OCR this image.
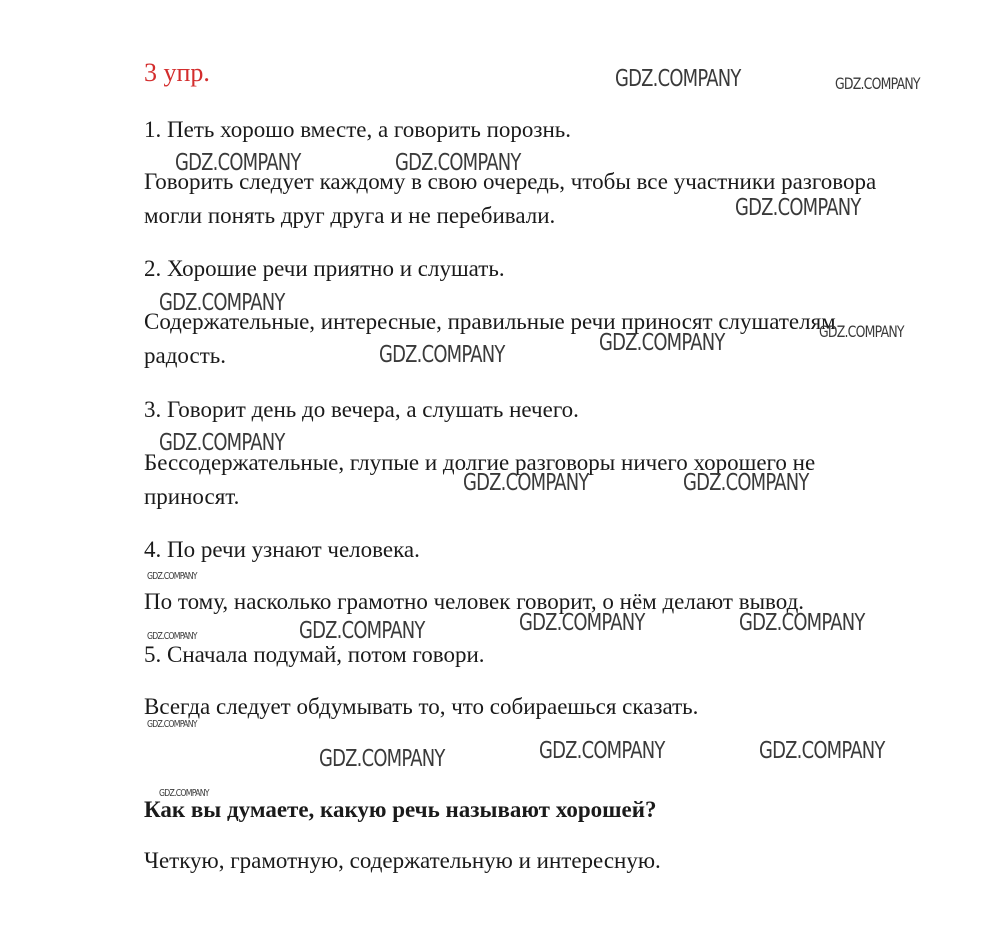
3 упр.

1. Петь хорошо вместе, а говорить порознь.

Говорить следует каждому в свою очередь, чтобы все участники разговора могли понять друг друга и не перебивали.

2. Хорошие речи приятно и слушать.

Содержательные, интересные, правильные речи приносят слушателям радость.

3. Говорит день до вечера, а слушать нечего.

Бессодержательные, глупые и долгие разговоры ничего хорошего не приносят.

4. По речи узнают человека.

По тому, насколько грамотно человек говорит, о нём делают вывод.

5. Сначала подумай, потом говори.

Всегда следует обдумывать то, что собираешься сказать.

Как вы думаете, какую речь называют хорошей?

Четкую, грамотную, содержательную и интересную.

GDZ.COMPANY	GDZ.COMPANY
GDZ.COMPANY	GDZ.COMPANY
GDZ.COMPANY
GDZ.COMPANY
GDZ.COMPANY
GDZ.COMPANY
GDZ.COMPANY
GDZ.COMPANY
GDZ.COMPANY	GDZ.COMPANY
GDZ.COMPANY
GDZ.COMPANY	GDZ.COMPANY
GDZ.COMPANY
GDZ.COMPANY
GDZ.COMPANY
GDZ.COMPANY	GDZ.COMPANY
GDZ.COMPANY
GDZ.COMPANY
